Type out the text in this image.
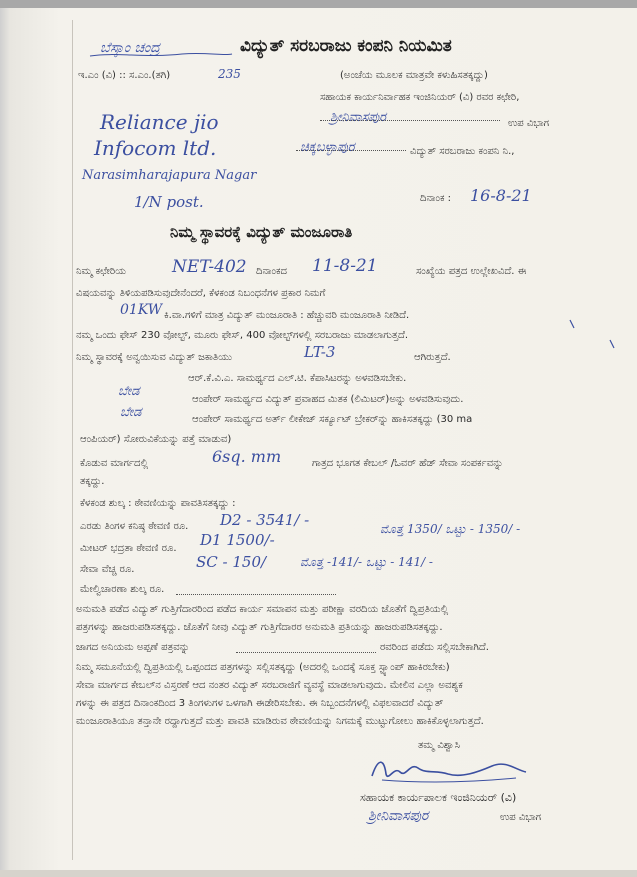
ಬೆಸ್ಕಾಂ ಚಂದ್ರ	ವಿದ್ಯುತ್ ಸರಬರಾಜು ಕಂಪನಿ ನಿಯಮಿತ
ಇ.ಎಂ (ವಿ) :: ಸ.ಎಂ.(ತಗಿ)	235	(ಅಂಚೆಯ ಮೂಲಕ ಮಾತ್ರವೇ ಕಳುಹಿಸತಕ್ಕದ್ದು)
ಸಹಾಯಕ ಕಾರ್ಯನಿರ್ವಾಹಕ ಇಂಜಿನಿಯರ್ (ವಿ) ರವರ ಕಛೇರಿ,
ಶ್ರೀನಿವಾಸಪುರ	ಉಪ ವಿಭಾಗ
ಚಿಕ್ಕಬಳ್ಳಾಪುರ	ವಿದ್ಯುತ್ ಸರಬರಾಜು ಕಂಪನಿ ನಿ.,
ದಿನಾಂಕ : 16-8-21
Reliance jio
Infocom ltd.
Narasimharajapura Nagar
1/N post.
ನಿಮ್ಮ ಸ್ಥಾವರಕ್ಕೆ ವಿದ್ಯುತ್ ಮಂಜೂರಾತಿ
ನಿಮ್ಮ ಕಛೇರಿಯ	NET-402 ದಿನಾಂಕದ 11-8-21	ಸಂಖ್ಯೆಯ ಪತ್ರದ ಉಲ್ಲೇಖವಿದೆ. ಈ
ವಿಷಯವನ್ನು ತಿಳಿಯಪಡಿಸುವುದೇನೆಂದರೆ, ಕೆಳಕಂಡ ನಿಬಂಧನೆಗಳ ಪ್ರಕಾರ ನಿಮಗೆ
01KW ಕಿ.ವಾ.ಗಳಿಗೆ ಮಾತ್ರ ವಿದ್ಯುತ್ ಮಂಜೂರಾತಿ : ಹೆಚ್ಚುವರಿ ಮಂಜೂರಾತಿ ನೀಡಿದೆ.
ನಮ್ಮ ಒಂದು ಫೇಸ್ 230 ವೋಲ್ಟ್, ಮೂರು ಫೇಸ್, 400 ವೋಲ್ಟ್‌ಗಳಲ್ಲಿ ಸರಬರಾಜು ಮಾಡಲಾಗುತ್ತದೆ.
ನಿಮ್ಮ ಸ್ಥಾವರಕ್ಕೆ ಅನ್ವಯಿಸುವ ವಿದ್ಯುತ್ ಜಕಾತಿಯು	LT-3	ಆಗಿರುತ್ತದೆ.
ಆರ್.ಕೆ.ವಿ.ಎ. ಸಾಮರ್ಥ್ಯದ ಎಲ್.ಟಿ. ಕೆಪಾಸಿಟರನ್ನು ಅಳವಡಿಸಬೇಕು.
ಬೇಡ
ಆಂಪೇರ್ ಸಾಮರ್ಥ್ಯದ ವಿದ್ಯುತ್ ಪ್ರವಾಹದ ಮಿತಕ (ಲಿಮಿಟರ್)ಅನ್ನು ಅಳವಡಿಸುವುದು.
ಬೇಡ	ಆಂಪೇರ್ ಸಾಮರ್ಥ್ಯದ ಅರ್ತ್ ಲೀಕೇಜ್ ಸರ್ಕ್ಯೂಟ್ ಬ್ರೇಕರ್‌ನ್ನು ಹಾಕಿಸತಕ್ಕದ್ದು (30 ma
ಆಂಪಿಯರ್) ಸೋರುವಿಕೆಯನ್ನು ಪತ್ತೆ ಮಾಡುವ)
ಕೊಡುವ ಮಾರ್ಗದಲ್ಲಿ	6sq. mm	ಗಾತ್ರದ ಭೂಗತ ಕೇಬಲ್ /ಓವರ್ ಹೆಡ್ ಸೇವಾ ಸಂಪರ್ಕವನ್ನು
ತಕ್ಕದ್ದು.
ಕೆಳಕಂಡ ಶುಲ್ಕ : ಠೇವಣಿಯನ್ನು ಪಾವತಿಸತಕ್ಕದ್ದು :
ಎರಡು ತಿಂಗಳ ಕನಿಷ್ಠ ಠೇವಣಿ ರೂ. D2 - 3541/ -	ಮೊತ್ತ 1350/ ಒಟ್ಟು - 1350/ -
ಮೀಟರ್ ಭದ್ರತಾ ಠೇವಣಿ ರೂ. D1 1500/-
ಸೇವಾ ವೆಚ್ಚ ರೂ.	SC - 150/	ಮೊತ್ತ -141/- ಒಟ್ಟು - 141/ -
ಮೇಲ್ವಿಚಾರಣಾ ಶುಲ್ಕ ರೂ.
ಅನುಮತಿ ಪಡೆದ ವಿದ್ಯುತ್ ಗುತ್ತಿಗೆದಾರರಿಂದ ಪಡೆದ ಕಾರ್ಯ ಸಮಾಪನ ಮತ್ತು ಪರೀಕ್ಷಾ ವರದಿಯ ಜೊತೆಗೆ ದ್ವಿಪ್ರತಿಯಲ್ಲಿ
ಪತ್ರಗಳನ್ನು ಹಾಜರುಪಡಿಸತಕ್ಕದ್ದು. ಜೊತೆಗೆ ನೀವು ವಿದ್ಯುತ್ ಗುತ್ತಿಗೆದಾರರ ಅನುಮತಿ ಪ್ರತಿಯನ್ನು ಹಾಜರುಪಡಿಸತಕ್ಕದ್ದು.
ಜಾಗದ ಅನಿಯಮ ಅಪ್ಪಣೆ ಪತ್ರವನ್ನು	ರವರಿಂದ ಪಡೆದು ಸಲ್ಲಿಸಬೇಕಾಗಿದೆ.
ನಿಮ್ಮ ಸಮೂನೆಯಲ್ಲಿ ದ್ವಿಪ್ರತಿಯಲ್ಲಿ ಒಪ್ಪಂದದ ಪತ್ರಗಳನ್ನು ಸಲ್ಲಿಸತಕ್ಕದ್ದು (ಅದರಲ್ಲಿ ಒಂದಕ್ಕೆ ಸೂಕ್ತ ಸ್ಟ್ಯಾಂಪ್ ಹಾಕಿರಬೇಕು)
ಸೇವಾ ಮಾರ್ಗದ ಕೇಬಲ್‌ನ ವಿಸ್ತರಣೆ ಆದ ನಂತರ ವಿದ್ಯುತ್ ಸರಬರಾಜಿಗೆ ವ್ಯವಸ್ಥೆ ಮಾಡಲಾಗುವುದು. ಮೇಲಿನ ಎಲ್ಲಾ ಅವಶ್ಯಕ
ಗಳನ್ನು ಈ ಪತ್ರದ ದಿನಾಂಕದಿಂದ 3 ತಿಂಗಳುಗಳ ಒಳಗಾಗಿ ಈಡೇರಿಸಬೇಕು. ಈ ನಿಬ್ಬಂದನೆಗಳಲ್ಲಿ ವಿಫಲವಾದರೆ ವಿದ್ಯುತ್
ಮಂಜೂರಾತಿಯೂ ತನ್ತಾನೇ ರದ್ದಾಗುತ್ತದೆ ಮತ್ತು ಪಾವತಿ ಮಾಡಿರುವ ಠೇವಣಿಯನ್ನು ನಿಗಮಕ್ಕೆ ಮುಟ್ಟುಗೋಲು ಹಾಕಿಕೊಳ್ಳಲಾಗುತ್ತದೆ.
ತಮ್ಮ ವಿಶ್ವಾಸಿ
ಸಹಾಯಕ ಕಾರ್ಯಪಾಲಕ ಇಂಜಿನಿಯರ್ (ವಿ)
ಶ್ರೀನಿವಾಸಪುರ	ಉಪ ವಿಭಾಗ
